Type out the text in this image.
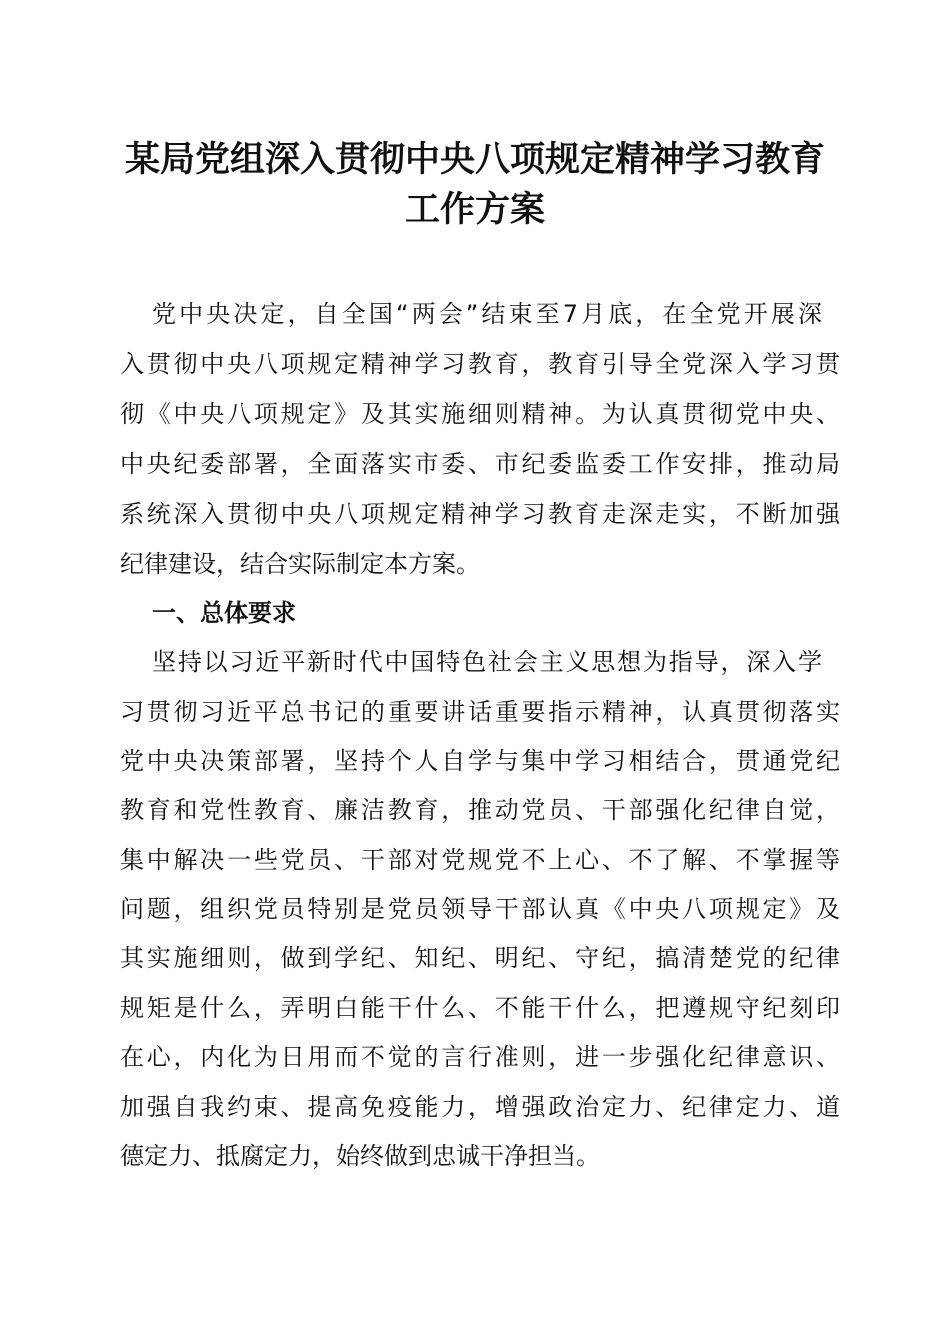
某局党组深入贯彻中央八项规定精神学习教育
工作方案
党中央决定，自全国“两会”结束至7月底，在全党开展深
入贯彻中央八项规定精神学习教育，教育引导全党深入学习贯
彻《中央八项规定》及其实施细则精神。为认真贯彻党中央、
中央纪委部署，全面落实市委、市纪委监委工作安排，推动局
系统深入贯彻中央八项规定精神学习教育走深走实，不断加强
纪律建设，结合实际制定本方案。
一、总体要求
坚持以习近平新时代中国特色社会主义思想为指导，深入学
习贯彻习近平总书记的重要讲话重要指示精神，认真贯彻落实
党中央决策部署，坚持个人自学与集中学习相结合，贯通党纪
教育和党性教育、廉洁教育，推动党员、干部强化纪律自觉，
集中解决一些党员、干部对党规党不上心、不了解、不掌握等
问题，组织党员特别是党员领导干部认真《中央八项规定》及
其实施细则，做到学纪、知纪、明纪、守纪，搞清楚党的纪律
规矩是什么，弄明白能干什么、不能干什么，把遵规守纪刻印
在心，内化为日用而不觉的言行准则，进一步强化纪律意识、
加强自我约束、提高免疫能力，增强政治定力、纪律定力、道
德定力、抵腐定力，始终做到忠诚干净担当。
